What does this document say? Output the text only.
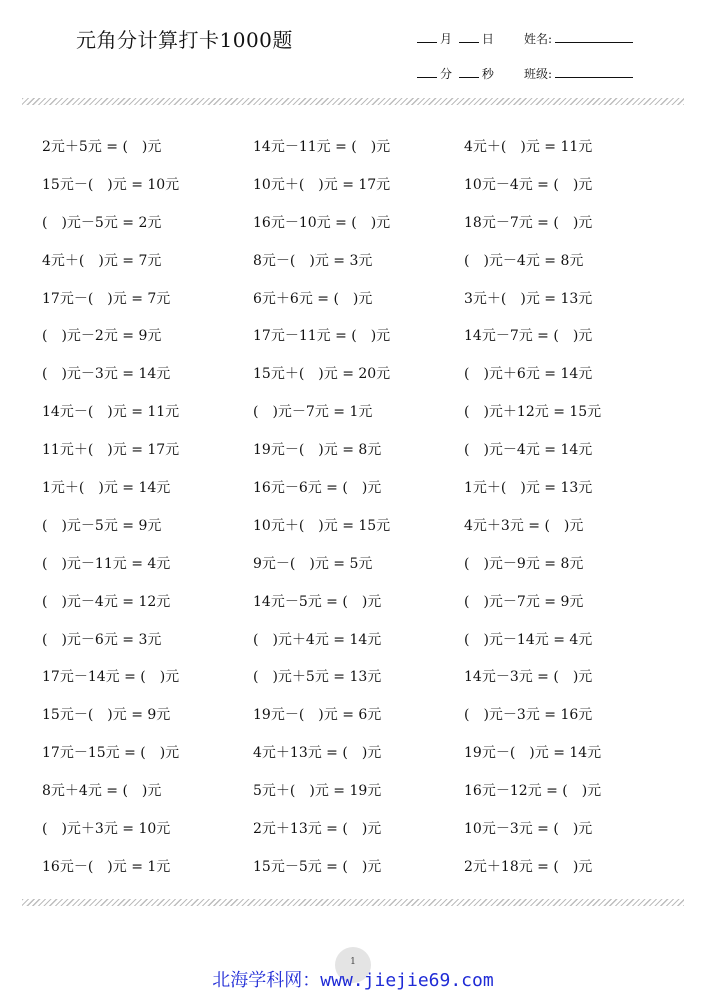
元角分计算打卡1000题	月 日	姓名:
分 秒	班级:
2元＋5元 = (　)元	14元－11元 = (　)元	4元＋(　)元 = 11元
15元－(　)元 = 10元	10元＋(　)元 = 17元	10元－4元 = (　)元
(　)元－5元 = 2元	16元－10元 = (　)元	18元－7元 = (　)元
4元＋(　)元 = 7元	8元－(　)元 = 3元	(　)元－4元 = 8元
17元－(　)元 = 7元	6元＋6元 = (　)元	3元＋(　)元 = 13元
(　)元－2元 = 9元	17元－11元 = (　)元	14元－7元 = (　)元
(　)元－3元 = 14元	15元＋(　)元 = 20元	(　)元＋6元 = 14元
14元－(　)元 = 11元	(　)元－7元 = 1元	(　)元＋12元 = 15元
11元＋(　)元 = 17元	19元－(　)元 = 8元	(　)元－4元 = 14元
1元＋(　)元 = 14元	16元－6元 = (　)元	1元＋(　)元 = 13元
(　)元－5元 = 9元	10元＋(　)元 = 15元	4元＋3元 = (　)元
(　)元－11元 = 4元	9元－(　)元 = 5元	(　)元－9元 = 8元
(　)元－4元 = 12元	14元－5元 = (　)元	(　)元－7元 = 9元
(　)元－6元 = 3元	(　)元＋4元 = 14元	(　)元－14元 = 4元
17元－14元 = (　)元	(　)元＋5元 = 13元	14元－3元 = (　)元
15元－(　)元 = 9元	19元－(　)元 = 6元	(　)元－3元 = 16元
17元－15元 = (　)元	4元＋13元 = (　)元	19元－(　)元 = 14元
8元＋4元 = (　)元	5元＋(　)元 = 19元	16元－12元 = (　)元
(　)元＋3元 = 10元	2元＋13元 = (　)元	10元－3元 = (　)元
16元－(　)元 = 1元	15元－5元 = (　)元	2元＋18元 = (　)元
1
北海学科网：www.jiejie69.com
